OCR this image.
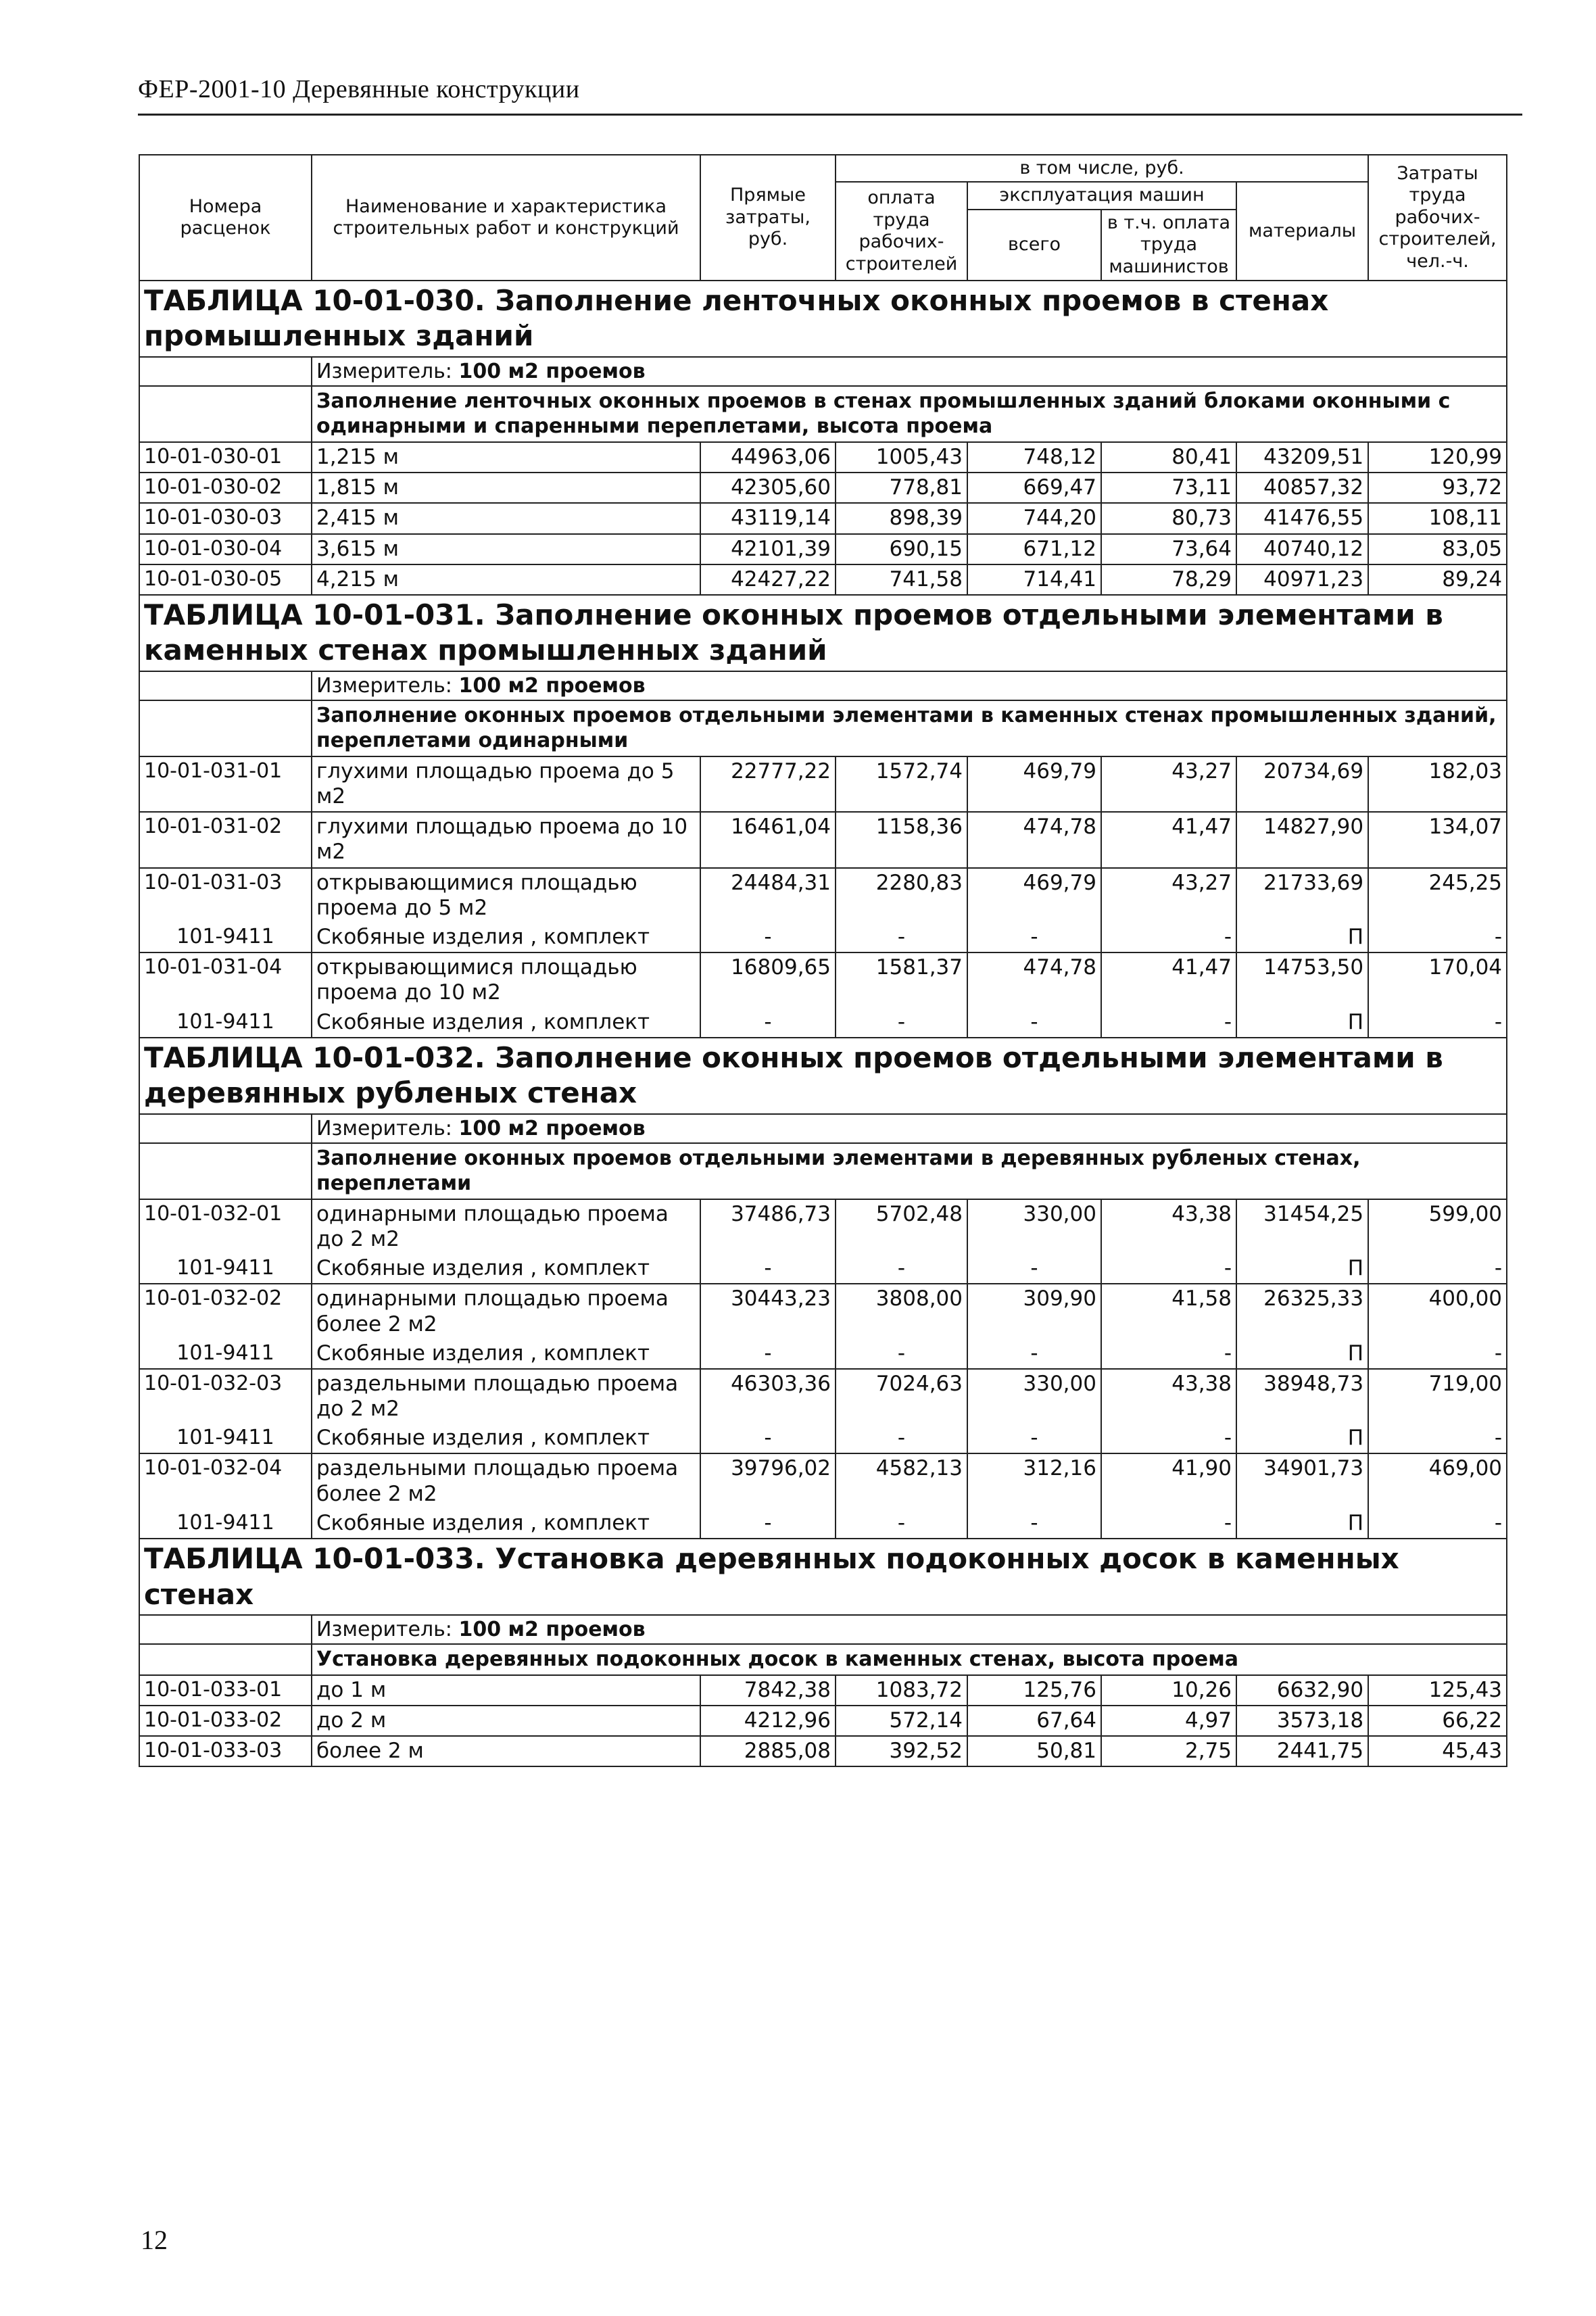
ФЕР-2001-10 Деревянные конструкции
Номера расценок	Наименование и характеристика строительных работ и конструкций	Прямые затраты, руб.	в том числе, руб.				Затраты труда рабочих-строителей, чел.-ч.
			оплата труда рабочих-строителей	эксплуатация машин		материалы	
				всего	в т.ч. оплата труда машинистов		
ТАБЛИЦА 10-01-030. Заполнение ленточных оконных проемов в стенах промышленных зданий							
	Измеритель: 100 м2 проемов						
	Заполнение ленточных оконных проемов в стенах промышленных зданий блоками оконными с одинарными и спаренными переплетами, высота проема						
10-01-030-01	1,215 м	44963,06	1005,43	748,12	80,41	43209,51	120,99
10-01-030-02	1,815 м	42305,60	778,81	669,47	73,11	40857,32	93,72
10-01-030-03	2,415 м	43119,14	898,39	744,20	80,73	41476,55	108,11
10-01-030-04	3,615 м	42101,39	690,15	671,12	73,64	40740,12	83,05
10-01-030-05	4,215 м	42427,22	741,58	714,41	78,29	40971,23	89,24
ТАБЛИЦА 10-01-031. Заполнение оконных проемов отдельными элементами в каменных стенах промышленных зданий							
	Измеритель: 100 м2 проемов						
	Заполнение оконных проемов отдельными элементами в каменных стенах промышленных зданий, переплетами одинарными						
10-01-031-01	глухими площадью проема до 5 м2	22777,22	1572,74	469,79	43,27	20734,69	182,03
10-01-031-02	глухими площадью проема до 10 м2	16461,04	1158,36	474,78	41,47	14827,90	134,07
10-01-031-03	открывающимися площадью проема до 5 м2	24484,31	2280,83	469,79	43,27	21733,69	245,25
101-9411	Скобяные изделия , комплект	-	-	-	-	П	-
10-01-031-04	открывающимися площадью проема до 10 м2	16809,65	1581,37	474,78	41,47	14753,50	170,04
101-9411	Скобяные изделия , комплект	-	-	-	-	П	-
ТАБЛИЦА 10-01-032. Заполнение оконных проемов отдельными элементами в деревянных рубленых стенах							
	Измеритель: 100 м2 проемов						
	Заполнение оконных проемов отдельными элементами в деревянных рубленых стенах, переплетами						
10-01-032-01	одинарными площадью проема до 2 м2	37486,73	5702,48	330,00	43,38	31454,25	599,00
101-9411	Скобяные изделия , комплект	-	-	-	-	П	-
10-01-032-02	одинарными площадью проема более 2 м2	30443,23	3808,00	309,90	41,58	26325,33	400,00
101-9411	Скобяные изделия , комплект	-	-	-	-	П	-
10-01-032-03	раздельными площадью проема до 2 м2	46303,36	7024,63	330,00	43,38	38948,73	719,00
101-9411	Скобяные изделия , комплект	-	-	-	-	П	-
10-01-032-04	раздельными площадью проема более 2 м2	39796,02	4582,13	312,16	41,90	34901,73	469,00
101-9411	Скобяные изделия , комплект	-	-	-	-	П	-
ТАБЛИЦА 10-01-033. Установка деревянных подоконных досок в каменных стенах							
	Измеритель: 100 м2 проемов						
	Установка деревянных подоконных досок в каменных стенах, высота проема						
10-01-033-01	до 1 м	7842,38	1083,72	125,76	10,26	6632,90	125,43
10-01-033-02	до 2 м	4212,96	572,14	67,64	4,97	3573,18	66,22
10-01-033-03	более 2 м	2885,08	392,52	50,81	2,75	2441,75	45,43
12
